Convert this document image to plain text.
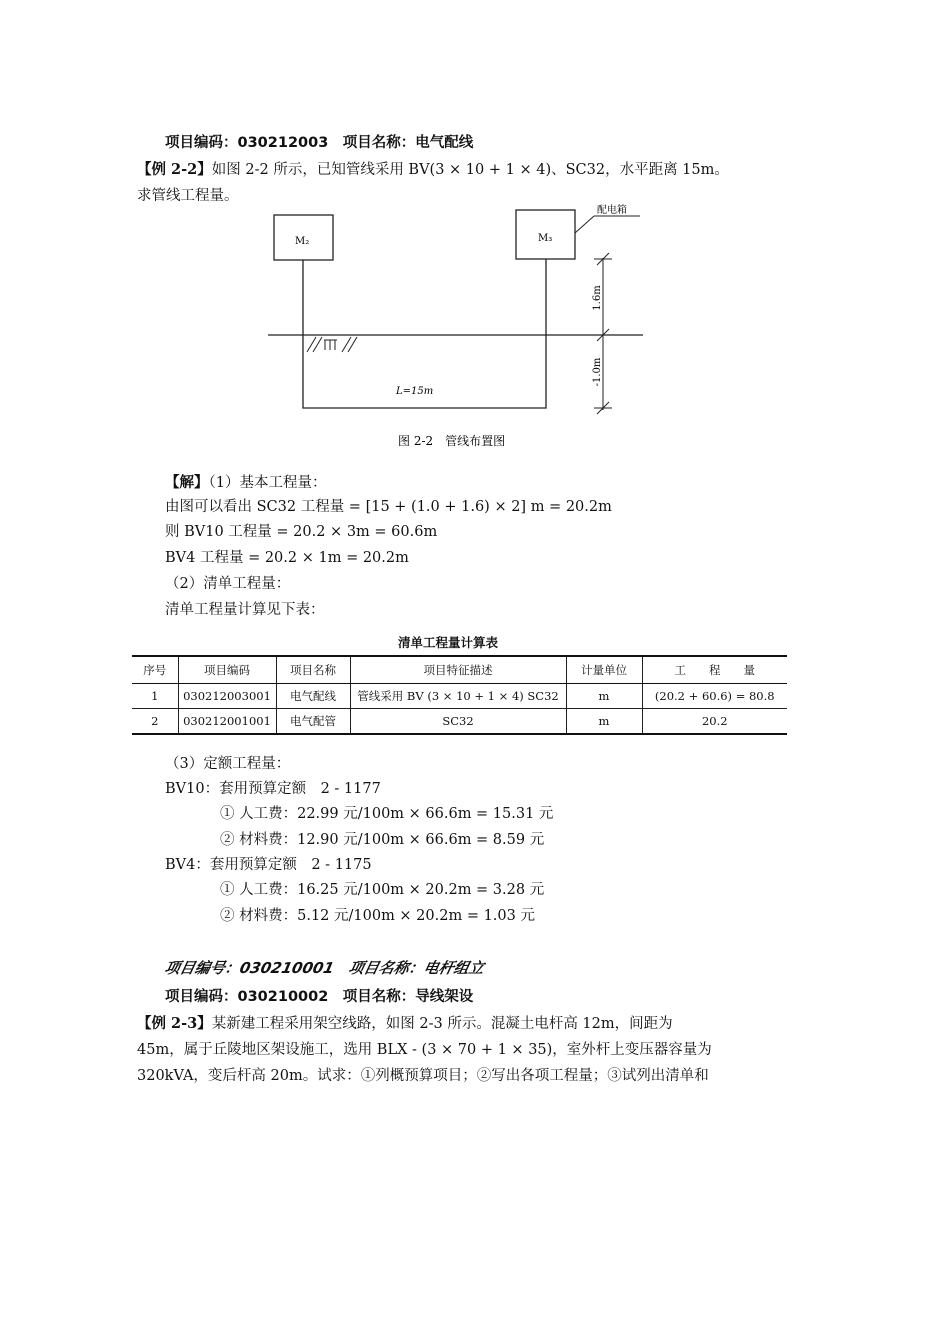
项目编码：030212003　项目名称：电气配线
【例 2-2】如图 2-2 所示，已知管线采用 BV(3 × 10 + 1 × 4)、SC32，水平距离 15m。
求管线工程量。
M₂	M₃
配电箱
L=15m
1.6m
-1.0m
图 2-2　管线布置图
【解】（1）基本工程量：
由图可以看出 SC32 工程量 = [15 + (1.0 + 1.6) × 2] m = 20.2m
则 BV10 工程量 = 20.2 × 3m = 60.6m
BV4 工程量 = 20.2 × 1m = 20.2m
（2）清单工程量：
清单工程量计算见下表：
清单工程量计算表
序号	项目编码	项目名称	项目特征描述	计量单位	工　　程　　量
1	030212003001	电气配线	管线采用 BV (3 × 10 + 1 × 4) SC32	m	(20.2 + 60.6) = 80.8
2	030212001001	电气配管	SC32	m	20.2
（3）定额工程量：
BV10：套用预算定额　2 - 1177
① 人工费：22.99 元/100m × 66.6m = 15.31 元
② 材料费：12.90 元/100m × 66.6m = 8.59 元
BV4：套用预算定额　2 - 1175
① 人工费：16.25 元/100m × 20.2m = 3.28 元
② 材料费：5.12 元/100m × 20.2m = 1.03 元
项目编号：030210001　项目名称：电杆组立
项目编码：030210002　项目名称：导线架设
【例 2-3】某新建工程采用架空线路，如图 2-3 所示。混凝土电杆高 12m，间距为
45m，属于丘陵地区架设施工，选用 BLX - (3 × 70 + 1 × 35)，室外杆上变压器容量为
320kVA，变后杆高 20m。试求：①列概预算项目；②写出各项工程量；③试列出清单和
